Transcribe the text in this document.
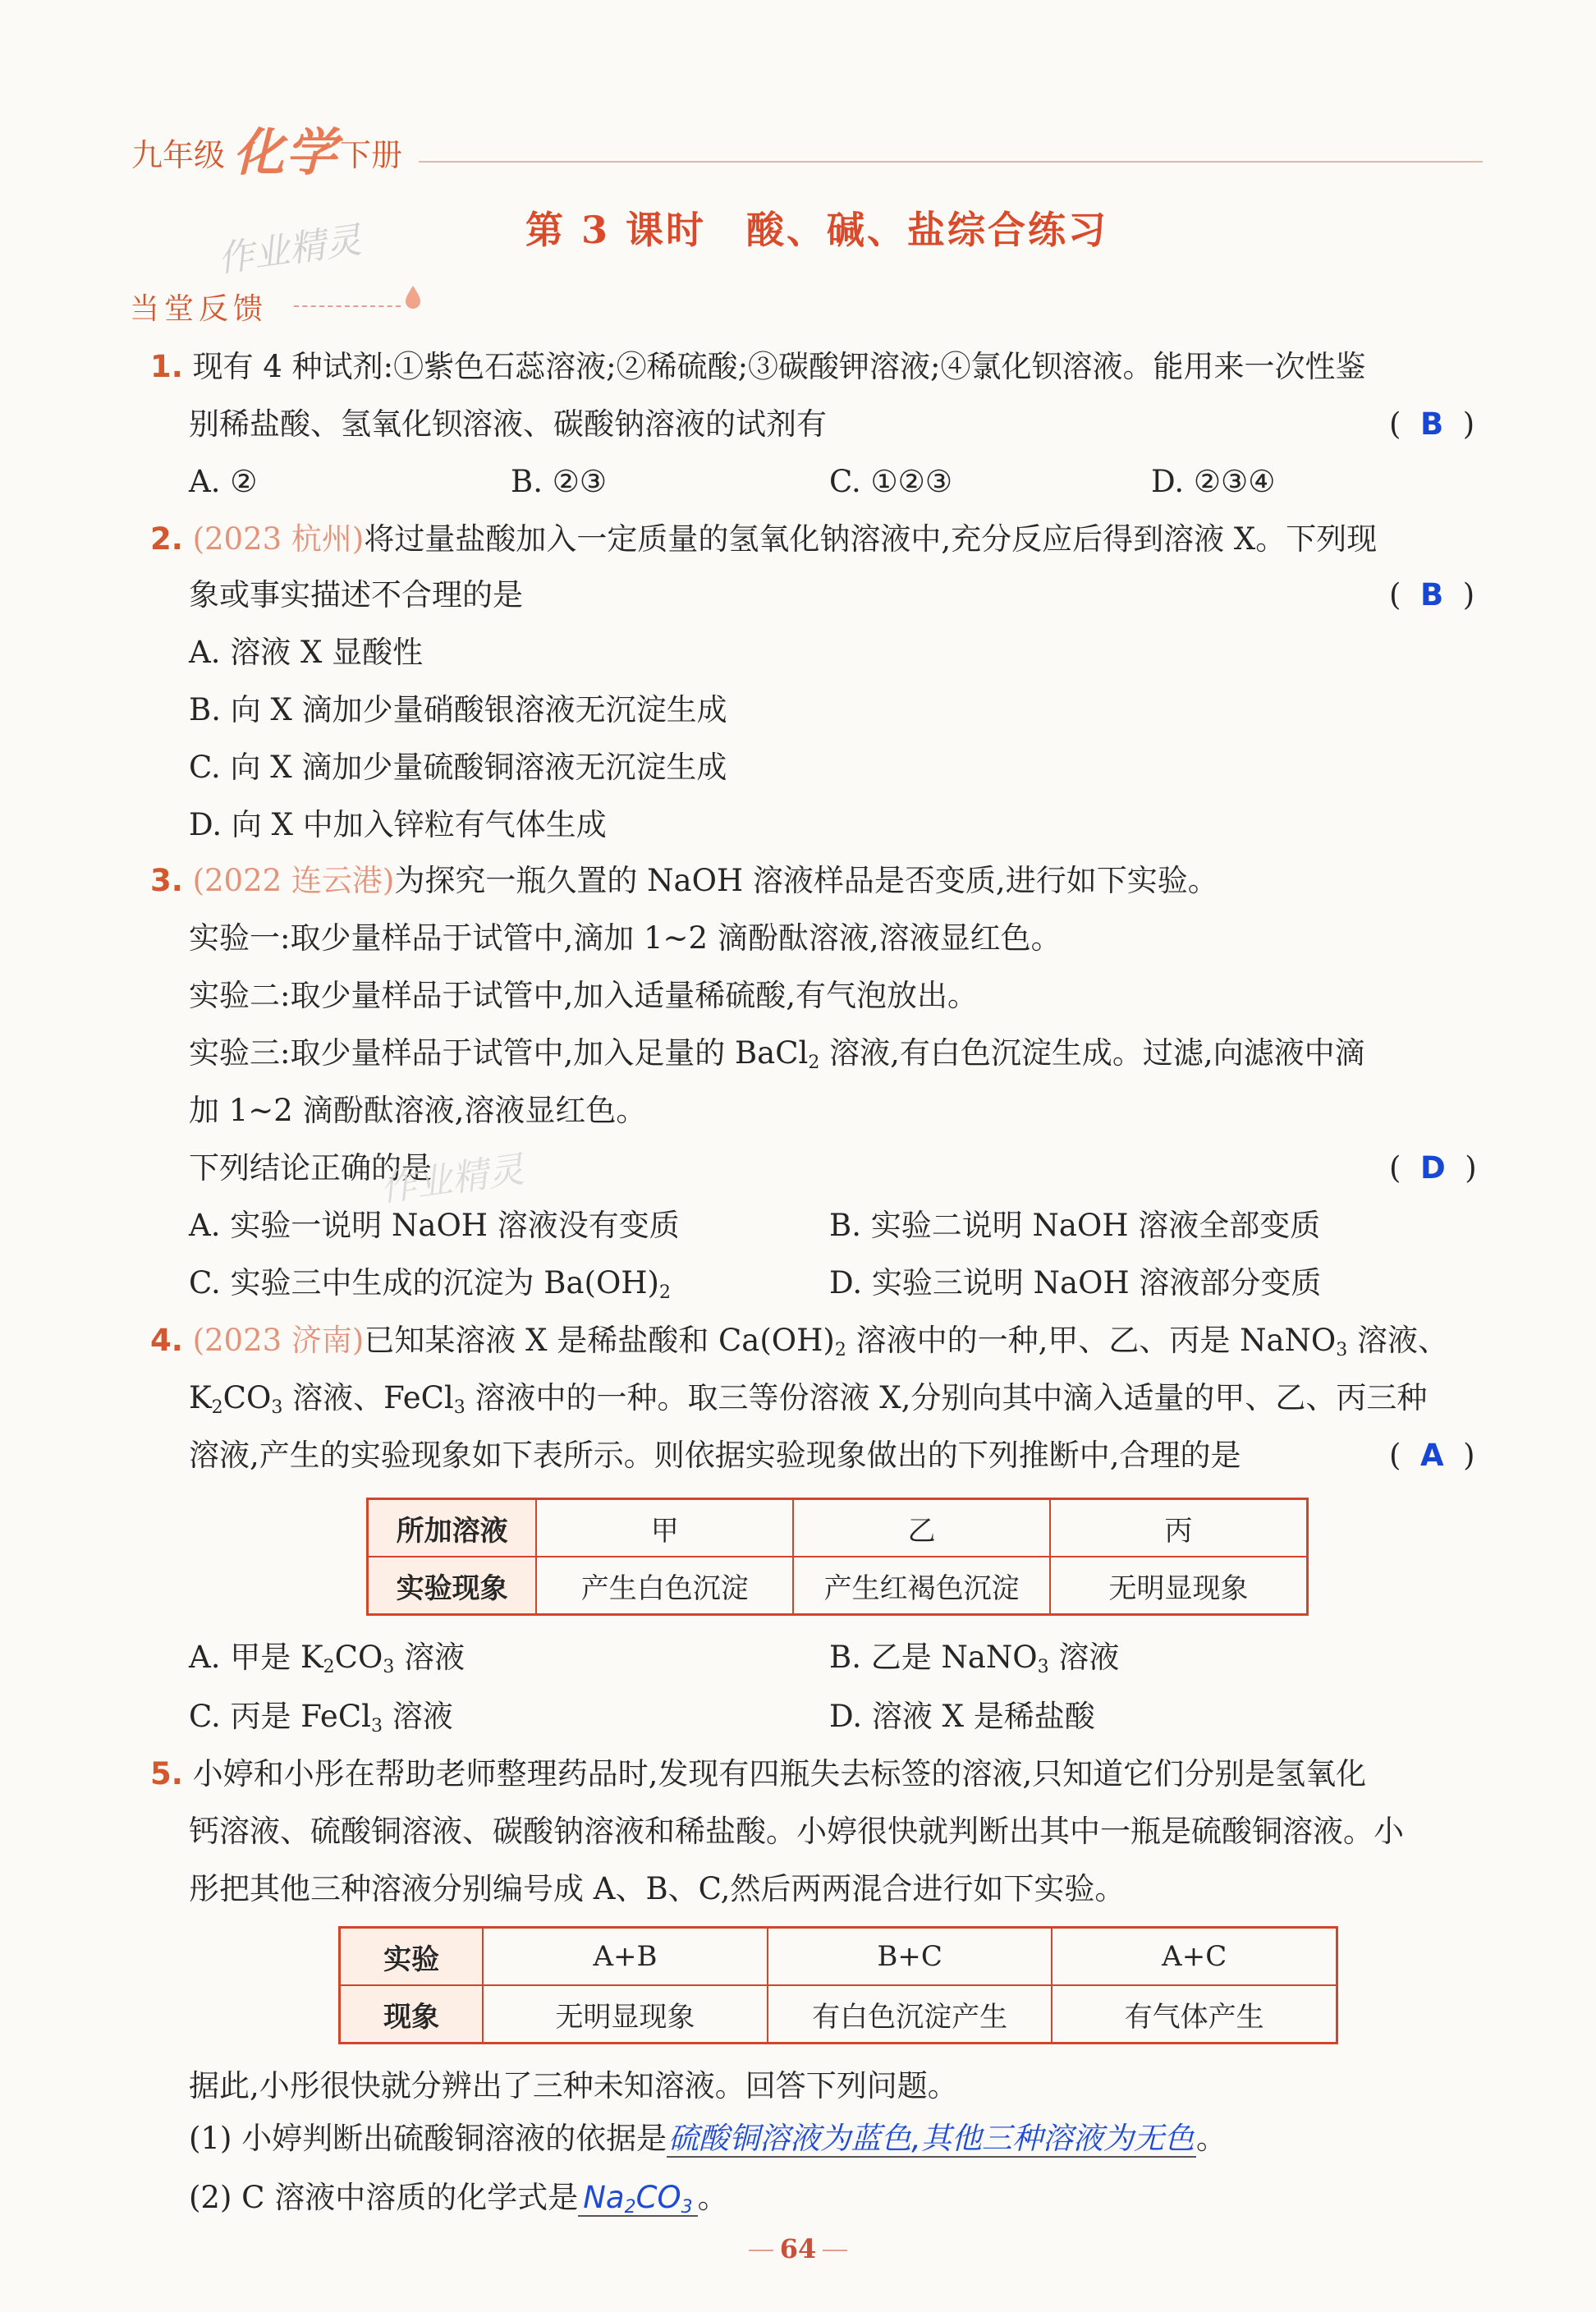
九年级 化学 下册
第 3 课时　酸、碱、盐综合练习
作业精灵
当堂反馈
1. 现有 4 种试剂:①紫色石蕊溶液;②稀硫酸;③碳酸钾溶液;④氯化钡溶液。能用来一次性鉴
别稀盐酸、氢氧化钡溶液、碳酸钠溶液的试剂有	( B )
A. ②	B. ②③	C. ①②③	D. ②③④
2. (2023 杭州)将过量盐酸加入一定质量的氢氧化钠溶液中,充分反应后得到溶液 X。下列现
象或事实描述不合理的是	( B )
A. 溶液 X 显酸性
B. 向 X 滴加少量硝酸银溶液无沉淀生成
C. 向 X 滴加少量硫酸铜溶液无沉淀生成
D. 向 X 中加入锌粒有气体生成
3. (2022 连云港)为探究一瓶久置的 NaOH 溶液样品是否变质,进行如下实验。
实验一:取少量样品于试管中,滴加 1~2 滴酚酞溶液,溶液显红色。
实验二:取少量样品于试管中,加入适量稀硫酸,有气泡放出。
实验三:取少量样品于试管中,加入足量的 BaCl$_2$ 溶液,有白色沉淀生成。过滤,向滤液中滴
加 1~2 滴酚酞溶液,溶液显红色。
下列结论正确的是
作业精灵	( D )
A. 实验一说明 NaOH 溶液没有变质	B. 实验二说明 NaOH 溶液全部变质
C. 实验三中生成的沉淀为 $Ba(OH)_2$	D. 实验三说明 NaOH 溶液部分变质
4. (2023 济南)已知某溶液 X 是稀盐酸和 $Ca(OH)_2$ 溶液中的一种,甲、乙、丙是 NaNO$_3$ 溶液、
$K_2CO_3$ 溶液、FeCl$_3$ 溶液中的一种。取三等份溶液 X,分别向其中滴入适量的甲、乙、丙三种
溶液,产生的实验现象如下表所示。则依据实验现象做出的下列推断中,合理的是	( A )
所加溶液	甲	乙	丙
实验现象	产生白色沉淀	产生红褐色沉淀	无明显现象
A. 甲是 $K_2CO_3$ 溶液	B. 乙是 NaNO$_3$ 溶液
C. 丙是 FeCl$_3$ 溶液	D. 溶液 X 是稀盐酸
5. 小婷和小彤在帮助老师整理药品时,发现有四瓶失去标签的溶液,只知道它们分别是氢氧化
钙溶液、硫酸铜溶液、碳酸钠溶液和稀盐酸。小婷很快就判断出其中一瓶是硫酸铜溶液。小
彤把其他三种溶液分别编号成 A、B、C,然后两两混合进行如下实验。
实验	A+B	B+C	A+C
现象	无明显现象	有白色沉淀产生	有气体产生
据此,小彤很快就分辨出了三种未知溶液。回答下列问题。
(1) 小婷判断出硫酸铜溶液的依据是硫酸铜溶液为蓝色,其他三种溶液为无色。
(2) C 溶液中溶质的化学式是 $Na_2CO_3$ 。
64
